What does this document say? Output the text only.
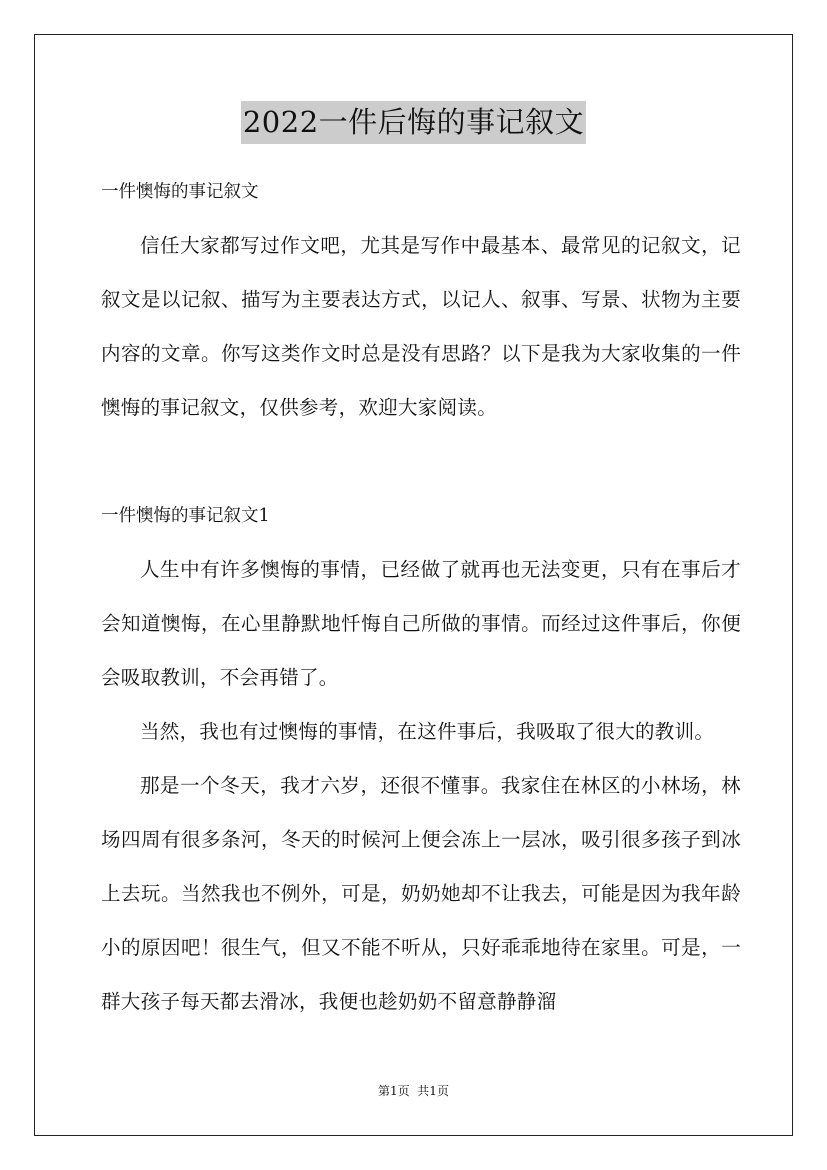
2022一件后悔的事记叙文

一件懊悔的事记叙文

信任大家都写过作文吧，尤其是写作中最基本、最常见的记叙文，记叙文是以记叙、描写为主要表达方式，以记人、叙事、写景、状物为主要内容的文章。你写这类作文时总是没有思路？以下是我为大家收集的一件懊悔的事记叙文，仅供参考，欢迎大家阅读。

一件懊悔的事记叙文1

人生中有许多懊悔的事情，已经做了就再也无法变更，只有在事后才会知道懊悔，在心里静默地忏悔自己所做的事情。而经过这件事后，你便会吸取教训，不会再错了。

当然，我也有过懊悔的事情，在这件事后，我吸取了很大的教训。

那是一个冬天，我才六岁，还很不懂事。我家住在林区的小林场，林场四周有很多条河，冬天的时候河上便会冻上一层冰，吸引很多孩子到冰上去玩。当然我也不例外，可是，奶奶她却不让我去，可能是因为我年龄小的原因吧！很生气，但又不能不听从，只好乖乖地待在家里。可是，一群大孩子每天都去滑冰，我便也趁奶奶不留意静静溜

第1页  共1页
